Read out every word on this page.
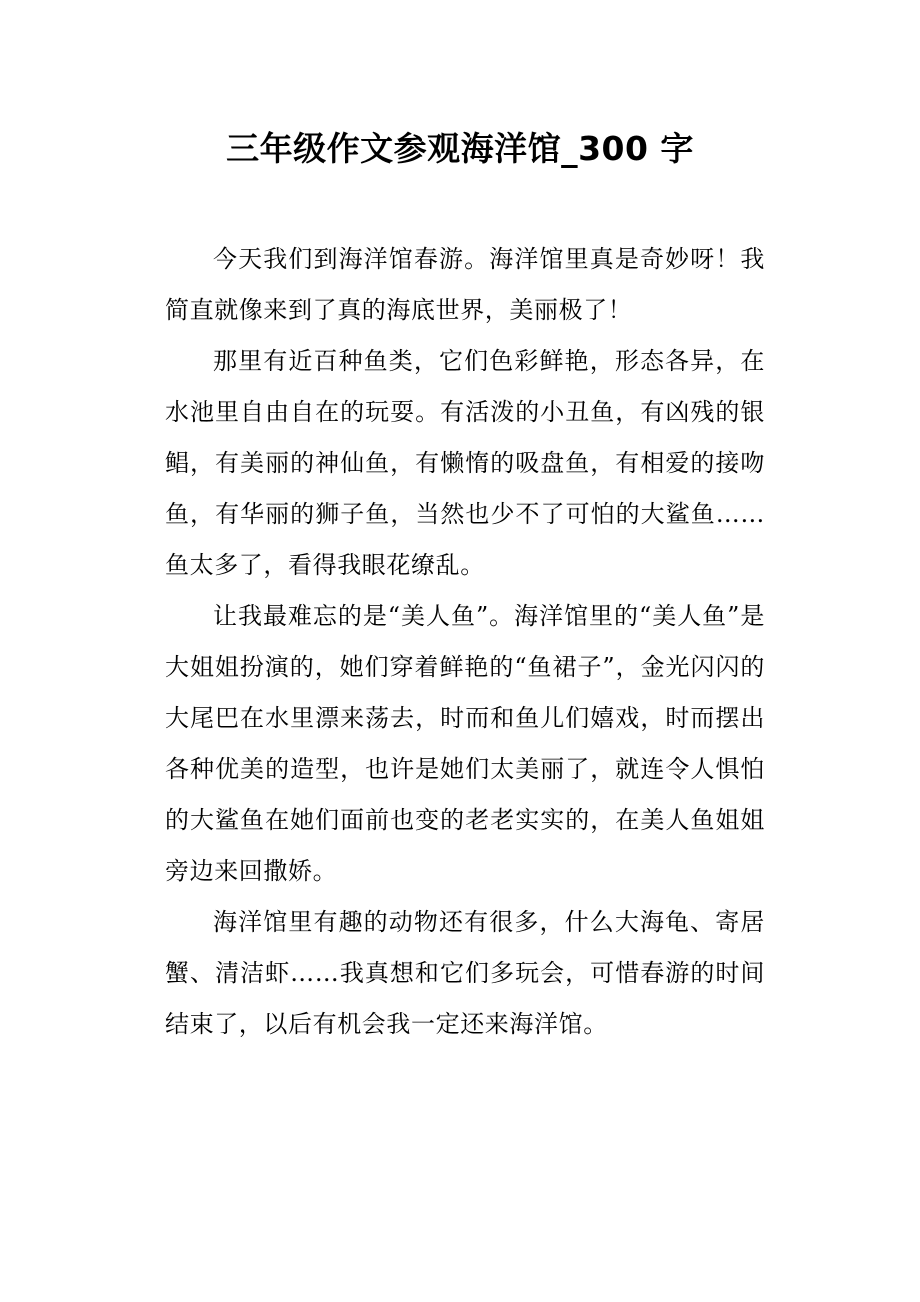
三年级作文参观海洋馆_300 字

今天我们到海洋馆春游。海洋馆里真是奇妙呀！我简直就像来到了真的海底世界，美丽极了！

那里有近百种鱼类，它们色彩鲜艳，形态各异，在水池里自由自在的玩耍。有活泼的小丑鱼，有凶残的银鲳，有美丽的神仙鱼，有懒惰的吸盘鱼，有相爱的接吻鱼，有华丽的狮子鱼，当然也少不了可怕的大鲨鱼……鱼太多了，看得我眼花缭乱。

让我最难忘的是“美人鱼”。海洋馆里的“美人鱼”是大姐姐扮演的，她们穿着鲜艳的“鱼裙子”，金光闪闪的大尾巴在水里漂来荡去，时而和鱼儿们嬉戏，时而摆出各种优美的造型，也许是她们太美丽了，就连令人惧怕的大鲨鱼在她们面前也变的老老实实的，在美人鱼姐姐旁边来回撒娇。

海洋馆里有趣的动物还有很多，什么大海龟、寄居蟹、清洁虾……我真想和它们多玩会，可惜春游的时间结束了，以后有机会我一定还来海洋馆。
